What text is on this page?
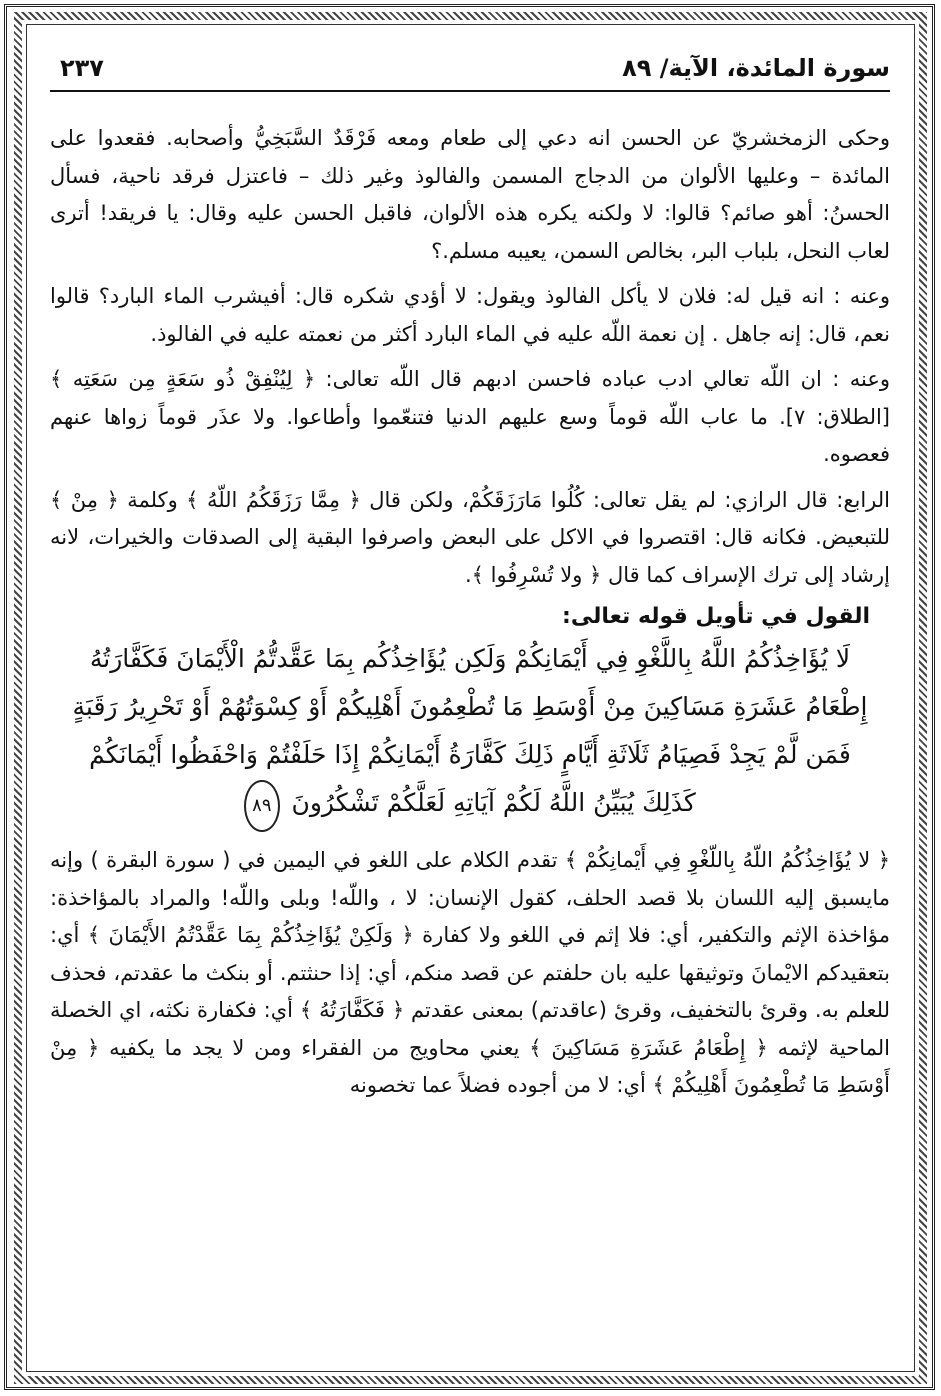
سورة المائدة، الآية/ ٨٩
٢٣٧

وحكى الزمخشريّ عن الحسن انه دعي إلى طعام ومعه فَرْقَدٌ السَّبَخِيُّ وأصحابه. فقعدوا على المائدة – وعليها الألوان من الدجاج المسمن والفالوذ وغير ذلك – فاعتزل فرقد ناحية، فسأل الحسنُ: أهو صائم؟ قالوا: لا ولكنه يكره هذه الألوان، فاقبل الحسن عليه وقال: يا فريقد! أترى لعاب النحل، بلباب البر، بخالص السمن، يعيبه مسلم.؟

وعنه : انه قيل له: فلان لا يأكل الفالوذ ويقول: لا أؤدي شكره قال: أفيشرب الماء البارد؟ قالوا نعم، قال: إنه جاهل . إن نعمة اللّه عليه في الماء البارد أكثر من نعمته عليه في الفالوذ.

وعنه : ان اللّه تعالي ادب عباده فاحسن ادبهم قال اللّه تعالى: ﴿ لِيُنْفِقْ ذُو سَعَةٍ مِن سَعَتِه ﴾ [الطلاق: ٧]. ما عاب اللّه قوماً وسع عليهم الدنيا فتنعّموا وأطاعوا. ولا عذَر قوماً زواها عنهم فعصوه.

الرابع: قال الرازي: لم يقل تعالى: كُلُوا مَارَزَقَكُمْ، ولكن قال ﴿ مِمَّا رَزَقَكُمُ اللّهُ ﴾ وكلمة ﴿ مِنْ ﴾ للتبعيض. فكانه قال: اقتصروا في الاكل على البعض واصرفوا البقية إلى الصدقات والخيرات، لانه إرشاد إلى ترك الإسراف كما قال ﴿ ولا تُسْرِفُوا ﴾.

القول في تأويل قوله تعالى:
لَا يُؤَاخِذُكُمُ اللَّهُ بِاللَّغْوِ فِي أَيْمَانِكُمْ وَلَكِن يُؤَاخِذُكُم بِمَا عَقَّدتُّمُ الْأَيْمَانَ فَكَفَّارَتُهُ إِطْعَامُ عَشَرَةِ مَسَاكِينَ مِنْ أَوْسَطِ مَا تُطْعِمُونَ أَهْلِيكُمْ أَوْ كِسْوَتُهُمْ أَوْ تَحْرِيرُ رَقَبَةٍ فَمَن لَّمْ يَجِدْ فَصِيَامُ ثَلَاثَةِ أَيَّامٍ ذَلِكَ كَفَّارَةُ أَيْمَانِكُمْ إِذَا حَلَفْتُمْ وَاحْفَظُوا أَيْمَانَكُمْ كَذَلِكَ يُبَيِّنُ اللَّهُ لَكُمْ آيَاتِهِ لَعَلَّكُمْ تَشْكُرُونَ ٨٩

﴿ لا يُؤَاخِذُكُمُ اللّهُ بِاللّغْوِ فِي أَيْمانِكُمْ ﴾ تقدم الكلام على اللغو في اليمين في ( سورة البقرة ) وإنه مايسبق إليه اللسان بلا قصد الحلف، كقول الإنسان: لا ، واللّه! وبلى واللّه! والمراد بالمؤاخذة: مؤاخذة الإثم والتكفير، أي: فلا إثم في اللغو ولا كفارة ﴿ وَلَكِنْ يُؤَاخِذُكُمْ بِمَا عَقَّدْتُمُ الأَيْمَانَ ﴾ أي: بتعقيدكم الايْمانَ وتوثيقها عليه بان حلفتم عن قصد منكم، أي: إذا حنثتم. أو بنكث ما عقدتم، فحذف للعلم به. وقرئ بالتخفيف، وقرئ (عاقدتم) بمعنى عقدتم ﴿ فَكَفَّارَتُهُ ﴾ أي: فكفارة نكثه، اي الخصلة الماحية لإثمه ﴿ إِطْعَامُ عَشَرَةِ مَسَاكِينَ ﴾ يعني محاويج من الفقراء ومن لا يجد ما يكفيه ﴿ مِنْ أَوْسَطِ مَا تُطْعِمُونَ أَهْلِيكُمْ ﴾ أي: لا من أجوده فضلاً عما تخصونه
